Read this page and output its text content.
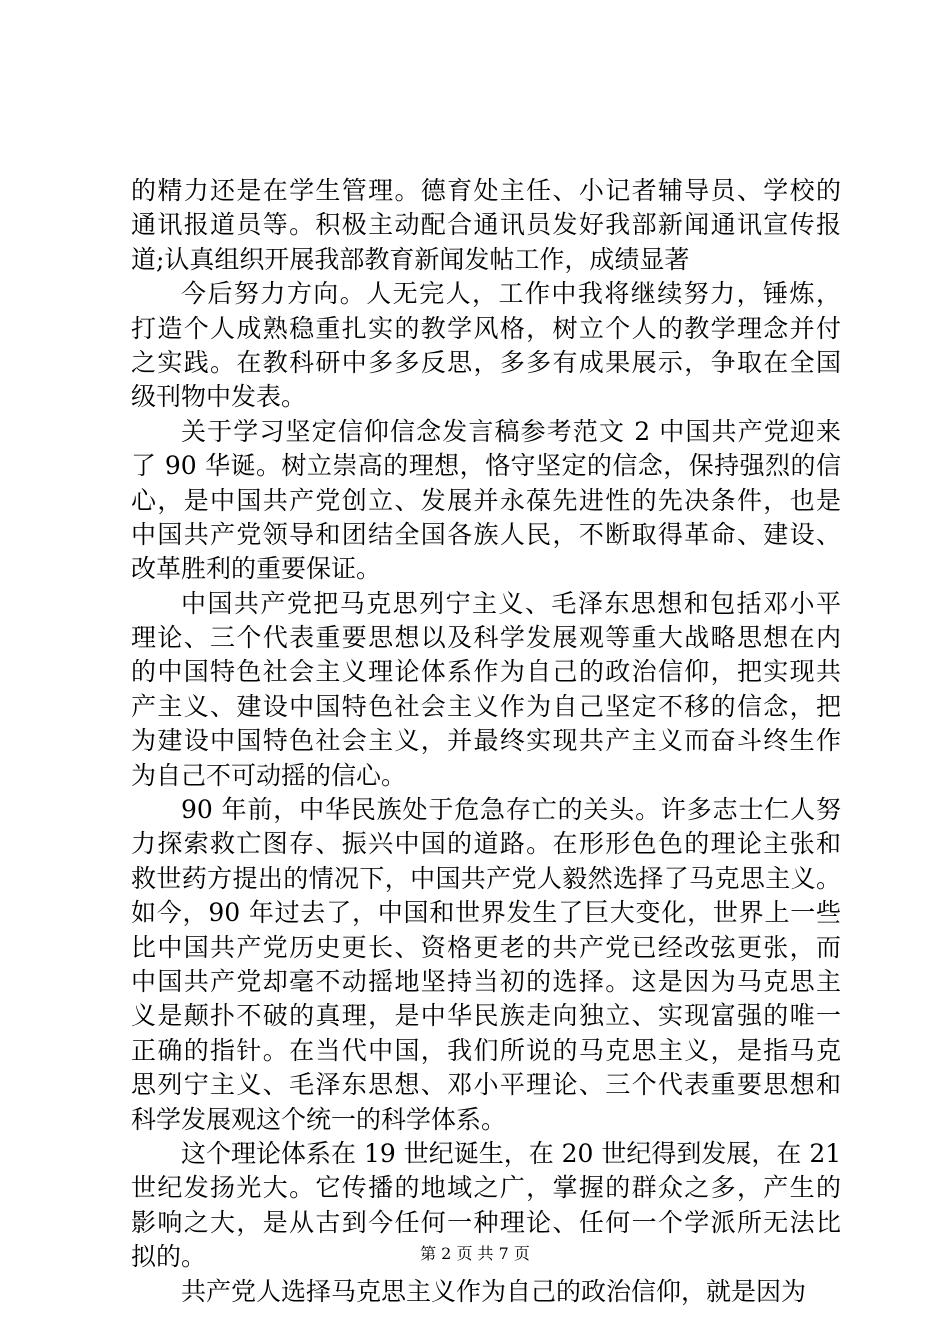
的精力还是在学生管理。德育处主任、小记者辅导员、学校的
通讯报道员等。积极主动配合通讯员发好我部新闻通讯宣传报
道;认真组织开展我部教育新闻发帖工作，成绩显著
今后努力方向。人无完人，工作中我将继续努力，锤炼，
打造个人成熟稳重扎实的教学风格，树立个人的教学理念并付
之实践。在教科研中多多反思，多多有成果展示，争取在全国
级刊物中发表。
关于学习坚定信仰信念发言稿参考范文 2 中国共产党迎来
了 90 华诞。树立崇高的理想，恪守坚定的信念，保持强烈的信
心，是中国共产党创立、发展并永葆先进性的先决条件，也是
中国共产党领导和团结全国各族人民，不断取得革命、建设、
改革胜利的重要保证。
中国共产党把马克思列宁主义、毛泽东思想和包括邓小平
理论、三个代表重要思想以及科学发展观等重大战略思想在内
的中国特色社会主义理论体系作为自己的政治信仰，把实现共
产主义、建设中国特色社会主义作为自己坚定不移的信念，把
为建设中国特色社会主义，并最终实现共产主义而奋斗终生作
为自己不可动摇的信心。
90 年前，中华民族处于危急存亡的关头。许多志士仁人努
力探索救亡图存、振兴中国的道路。在形形色色的理论主张和
救世药方提出的情况下，中国共产党人毅然选择了马克思主义。
如今，90 年过去了，中国和世界发生了巨大变化，世界上一些
比中国共产党历史更长、资格更老的共产党已经改弦更张，而
中国共产党却毫不动摇地坚持当初的选择。这是因为马克思主
义是颠扑不破的真理，是中华民族走向独立、实现富强的唯一
正确的指针。在当代中国，我们所说的马克思主义，是指马克
思列宁主义、毛泽东思想、邓小平理论、三个代表重要思想和
科学发展观这个统一的科学体系。
这个理论体系在 19 世纪诞生，在 20 世纪得到发展，在 21
世纪发扬光大。它传播的地域之广，掌握的群众之多，产生的
影响之大，是从古到今任何一种理论、任何一个学派所无法比
拟的。
共产党人选择马克思主义作为自己的政治信仰，就是因为
第 2 页 共 7 页
